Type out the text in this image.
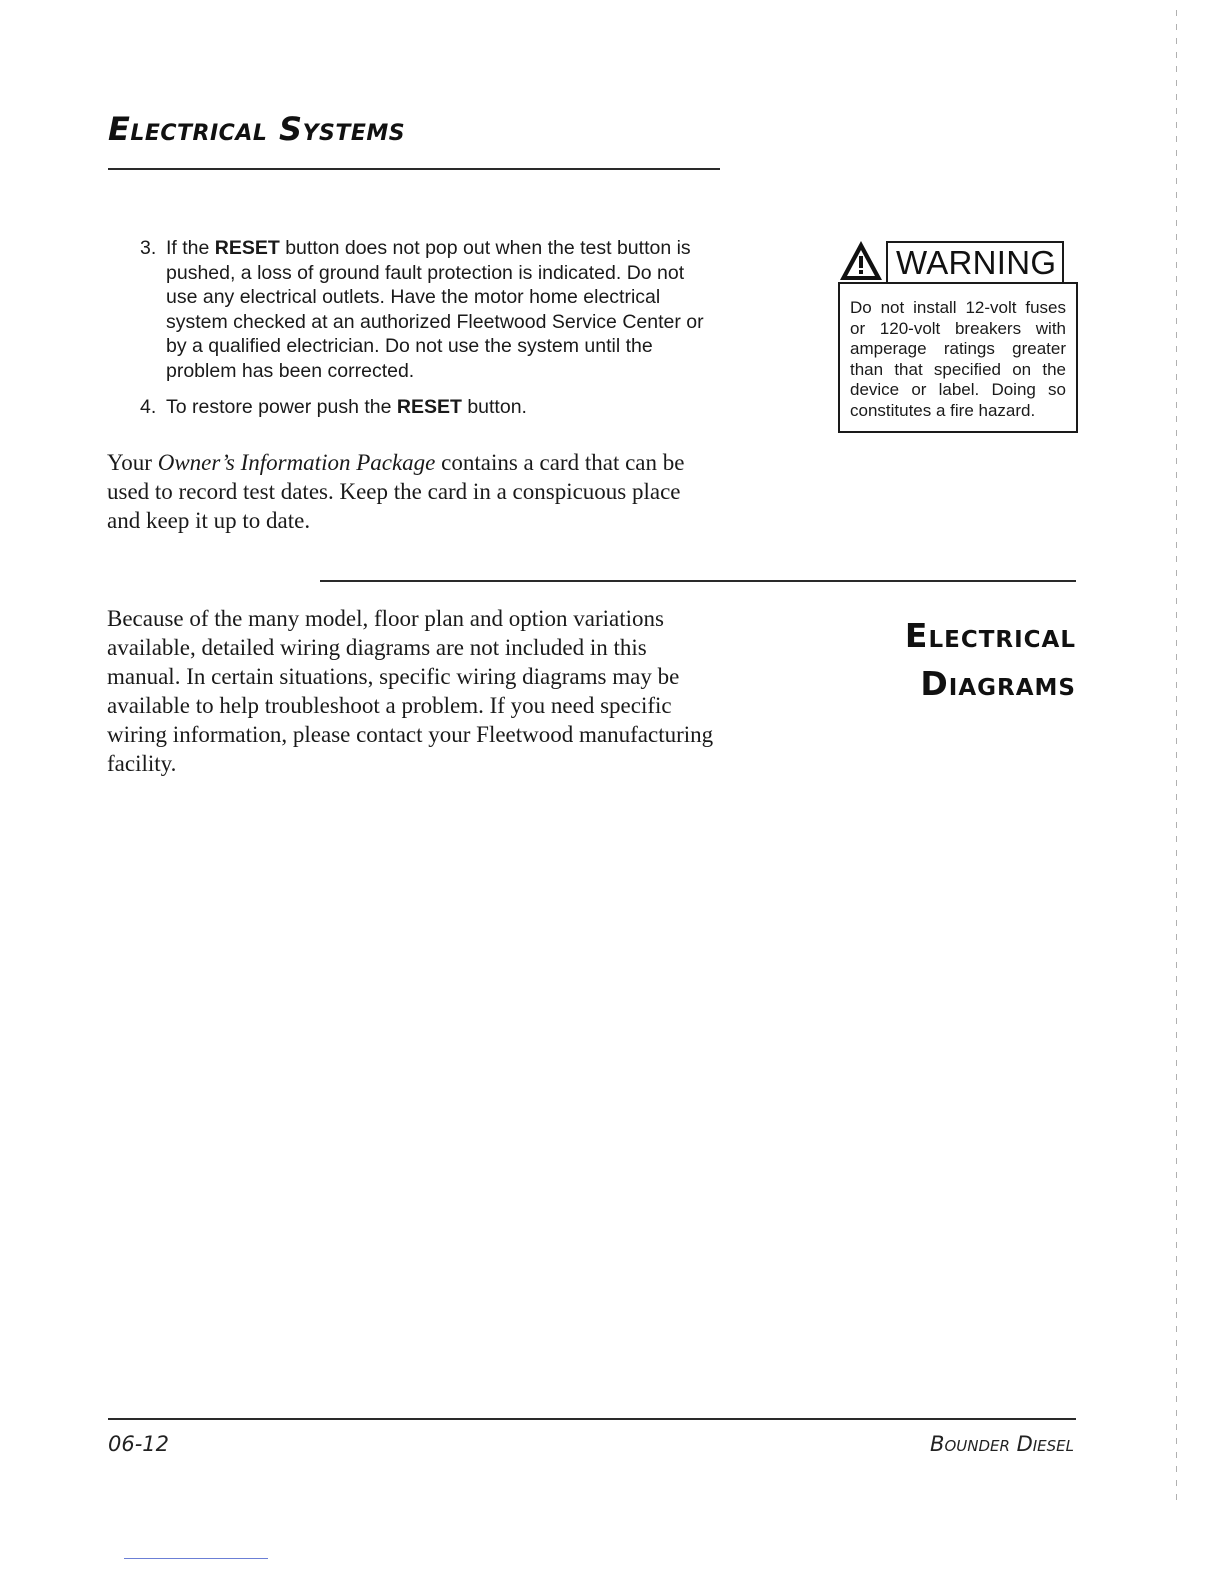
Electrical Systems
3. If the RESET button does not pop out when the test button is pushed, a loss of ground fault protection is indicated. Do not use any electrical outlets. Have the motor home electrical system checked at an authorized Fleetwood Service Center or by a qualified electrician. Do not use the system until the problem has been corrected.
4. To restore power push the RESET button.
Your Owner’s Information Package contains a card that can be used to record test dates. Keep the card in a conspicuous place and keep it up to date.
WARNING
Do not install 12-volt fuses or 120-volt breakers with amperage ratings greater than that specified on the device or label. Doing so constitutes a fire hazard.
Electrical
Diagrams
Because of the many model, floor plan and option variations available, detailed wiring diagrams are not included in this manual. In certain situations, specific wiring diagrams may be available to help troubleshoot a problem. If you need specific wiring information, please contact your Fleetwood manufacturing facility.
06-12	Bounder Diesel
